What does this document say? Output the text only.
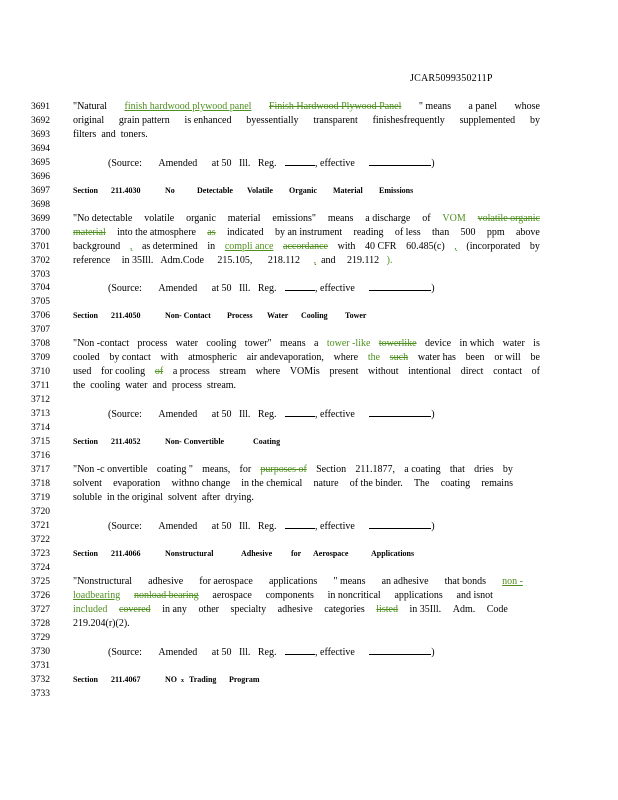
JCAR5099350211P
3691
3692
3693
3694
3695
3696
3697
3698
3699
3700
3701
3702
3703
3704
3705
3706
3707
3708
3709
3710
3711
3712
3713
3714
3715
3716
3717
3718
3719
3720
3721
3722
3723
3724
3725
3726
3727
3728
3729
3730
3731
3732
3733
"Natural finish hardwood plywood panel Finish Hardwood Plywood Panel " means a panel whose
original grain pattern is enhanced byessentially transparent finishesfrequently supplemented by
filters and toners.
(Source: Amended at 50 Ill. Reg.	, effective	)
Section 211.4030	No	Detectable Volatile Organic Material Emissions
"No detectable volatile organic material emissions" means a discharge of VOM volatile organic
material into the atmosphere as indicated by an instrument reading of less than 500 ppm above
background , as determined in compli ance accordance with 40 CFR 60.485(c) , (incorporated by
reference in 35Ill. Adm.Code 215.105, 218.112 , and 219.112 ).
(Source: Amended at 50 Ill. Reg.	, effective	)
Section 211.4050	Non- Contact Process Water Cooling Tower
"Non -contact process water cooling tower" means a tower -like towerlike device in which water is
cooled by contact with atmospheric air andevaporation, where the such water has been or will be
used for cooling of a process stream where VOMis present without intentional direct contact of
the cooling water and process stream.
(Source: Amended at 50 Ill. Reg.	, effective	)
Section 211.4052	Non- Convertible	Coating
"Non -c onvertible coating " means, for purposes of Section 211.1877, a coating that dries by
solvent evaporation withno change in the chemical nature of the binder. The coating remains
soluble in the original solvent after drying.
(Source: Amended at 50 Ill. Reg.	, effective	)
Section 211.4066	Nonstructural	Adhesive for Aerospace	Applications
"Nonstructural adhesive for aerospace applications " means an adhesive that bonds non -
loadbearing nonload bearing aerospace components in noncritical applications and isnot
included covered in any other specialty adhesive categories listed in 35Ill. Adm. Code
219.204(r)(2).
(Source: Amended at 50 Ill. Reg.	, effective	)
Section 211.4067	NO x Trading Program
